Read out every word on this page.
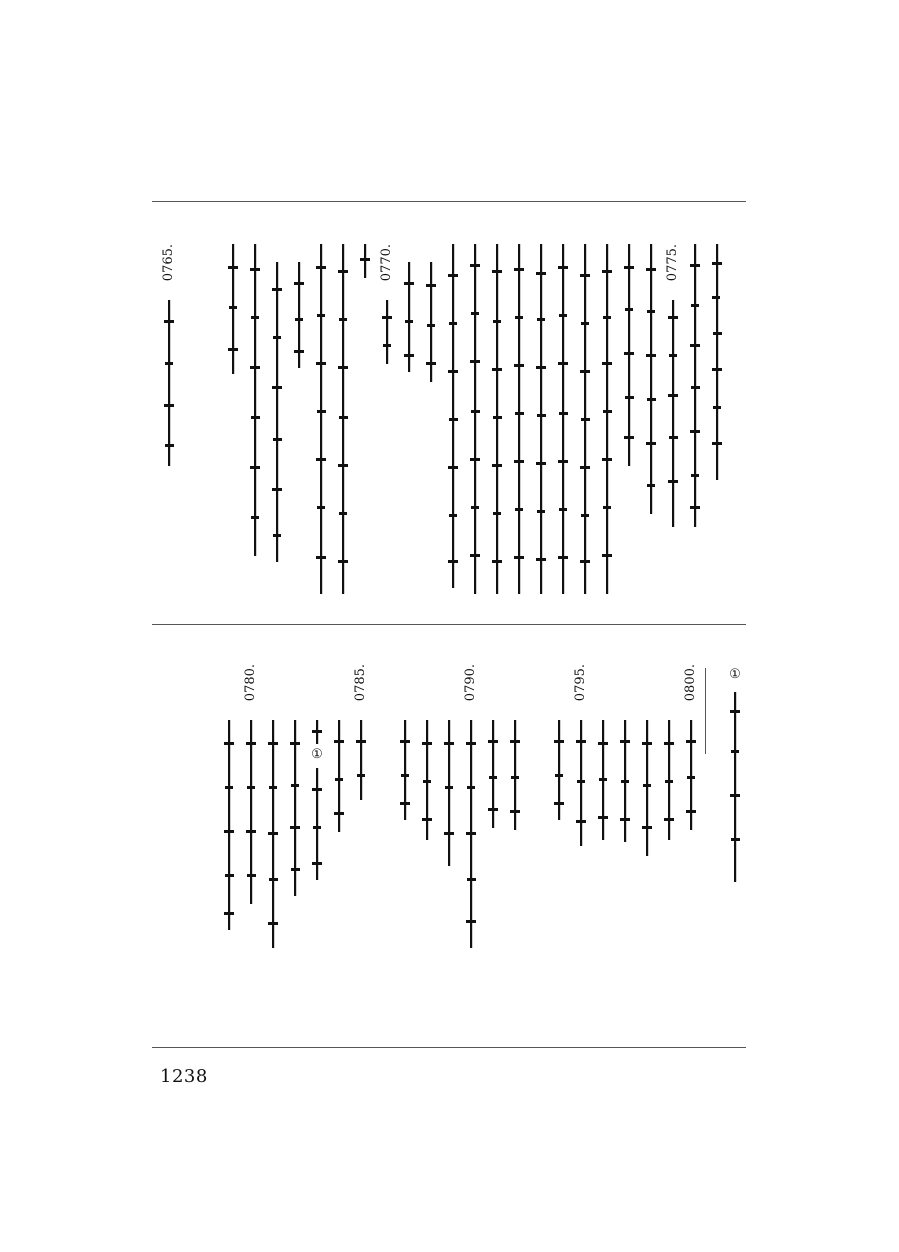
0775.
0770.
0765.
①
0800.
0795.
0790.
0785.
①
0780.
1238
